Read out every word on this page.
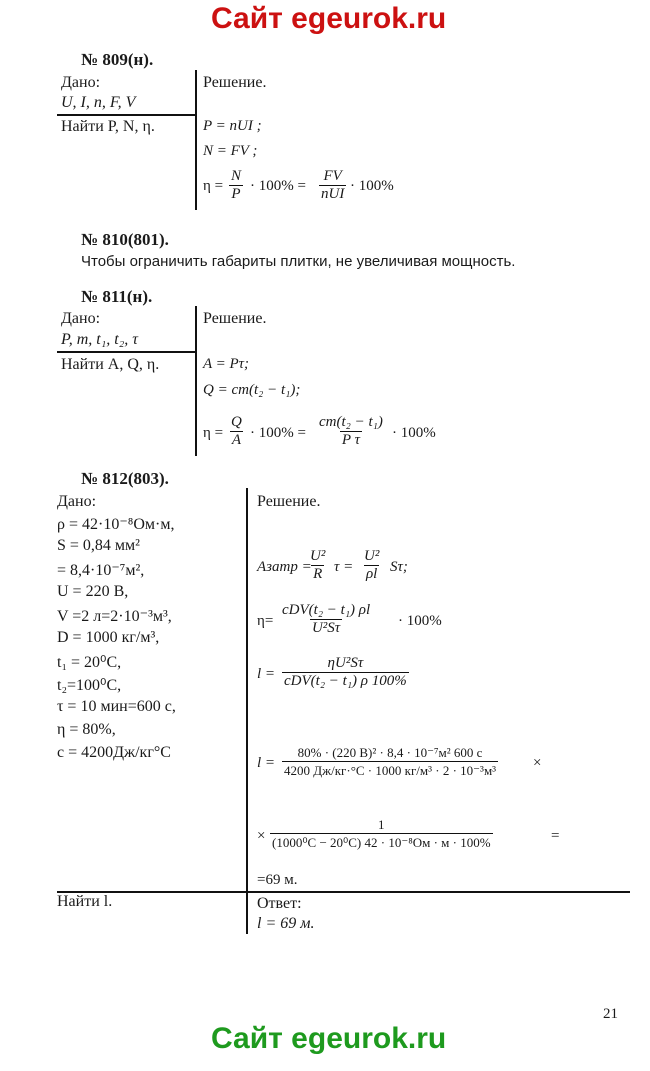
Сайт egeurok.ru
№ 809(н).
Дано:
U, I, n, F, V
Найти P, N, η.
Решение.
P = nUI ;
N = FV ;
$\eta = \frac{N}{P} \cdot 100\%$ =
FV
nUI · 100%
№ 810(801).
Чтобы ограничить габариты плитки, не увеличивая мощность.
№ 811(н).
Дано:
P, m, t₁, t₂, τ
Найти A, Q, η.
Решение.
A = Pτ;
Q = cm(t₂ − t₁);
$\eta = \frac{Q}{A} \cdot 100\% = \frac{\text{cm(t₂ − t₁)}}{\text{P τ}} \cdot 100\%$
№ 812(803).
Дано:
ρ = 42·10⁻⁸Ом·м,
S = 0,84 мм²
= 8,4·10⁻⁷м²,
U = 220 В,
V =2 л=2·10⁻³м³,
D = 1000 кг/м³,
t₁ = 20⁰С,
t₂=100⁰С,
τ = 10 мин=600 с,
η = 80%,
c = 4200Дж/кг°С
Решение.
Aзатр =
$\frac{\text{U²}}{R}$ $\tau = \frac{\text{U²}}{\rho l} S\tau$;
η=
cDV(t₂ − t₁) ρl
U²Sτ	· 100%
l =
ηU²Sτ
cDV(t₂ − t₁) ρ 100%
l =
80% · (220 В)² · 8,4 · 10⁻⁷м² 600 с
4200 Дж/кг·°С · 1000 кг/м³ · 2 · 10⁻³м³ ×
×
1
(1000⁰С − 20⁰С) 42 · 10⁻⁸Ом · м · 100%	=
=69 м.
Найти l.	Ответ:
l = 69 м.
21
Сайт egeurok.ru
